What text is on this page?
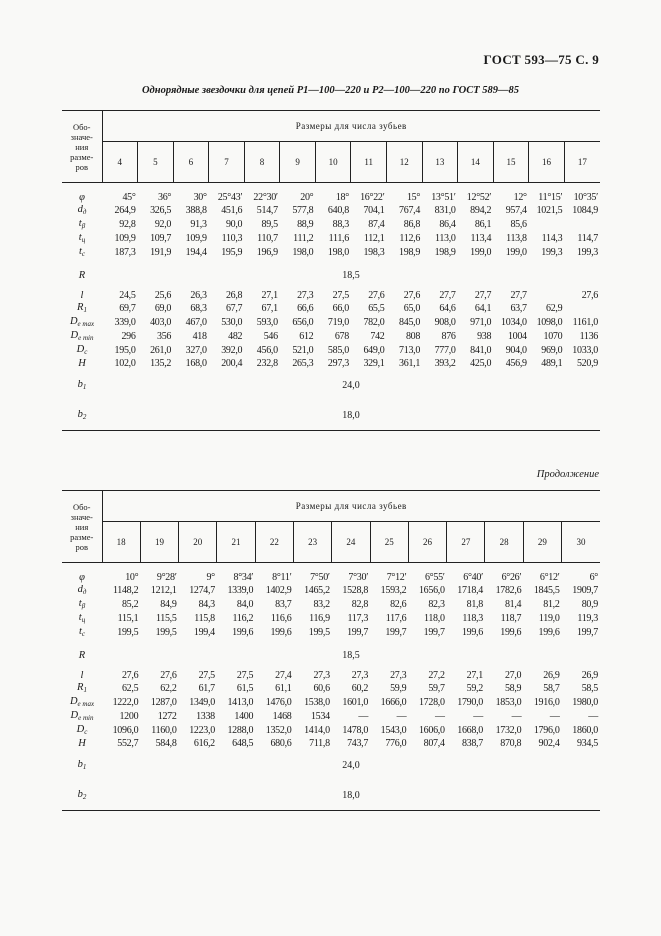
ГОСТ 593—75 С. 9
Однорядные звездочки для цепей P1—100—220 и P2—100—220 по ГОСТ 589—85
Обо-
значе-
ния
разме-
ров	Размеры для числа зубьев													
	4	5	6	7	8	9	10	11	12	13	14	15	16	17

φ	45°	36°	30°	25°43′	22°30′	20°	18°	16°22′	15°	13°51′	12°52′	12°	11°15′	10°35′
$d_д$	264,9	326,5	388,8	451,6	514,7	577,8	640,8	704,1	767,4	831,0	894,2	957,4	1021,5	1084,9
$t_\beta$	92,8	92,0	91,3	90,0	89,5	88,9	88,3	87,4	86,8	86,4	86,1	85,6		
$t_ц$	109,9	109,7	109,9	110,3	110,7	111,2	111,6	112,1	112,6	113,0	113,4	113,8	114,3	114,7
$t_с$	187,3	191,9	194,4	195,9	196,9	198,0	198,0	198,3	198,9	198,9	199,0	199,0	199,3	199,3
R	18,5													
l	24,5	25,6	26,3	26,8	27,1	27,3	27,5	27,6	27,6	27,7	27,7	27,7		27,6
$R_1$	69,7	69,0	68,3	67,7	67,1	66,6	66,0	65,5	65,0	64,6	64,1	63,7	62,9	
$D_{e max}$	339,0	403,0	467,0	530,0	593,0	656,0	719,0	782,0	845,0	908,0	971,0	1034,0	1098,0	1161,0
$D_{e min}$	296	356	418	482	546	612	678	742	808	876	938	1004	1070	1136
$D_с$	195,0	261,0	327,0	392,0	456,0	521,0	585,0	649,0	713,0	777,0	841,0	904,0	969,0	1033,0
H	102,0	135,2	168,0	200,4	232,8	265,3	297,3	329,1	361,1	393,2	425,0	456,9	489,1	520,9
$b_1$	24,0													
$b_2$	18,0													
Продолжение
Обо-
значе-
ния
разме-
ров	Размеры для числа зубьев												
	18	19	20	21	22	23	24	25	26	27	28	29	30

φ	10°	9°28′	9°	8°34′	8°11′	7°50′	7°30′	7°12′	6°55′	6°40′	6°26′	6°12′	6°
$d_д$	1148,2	1212,1	1274,7	1339,0	1402,9	1465,2	1528,8	1593,2	1656,0	1718,4	1782,6	1845,5	1909,7
$t_\beta$	85,2	84,9	84,3	84,0	83,7	83,2	82,8	82,6	82,3	81,8	81,4	81,2	80,9
$t_ц$	115,1	115,5	115,8	116,2	116,6	116,9	117,3	117,6	118,0	118,3	118,7	119,0	119,3
$t_с$	199,5	199,5	199,4	199,6	199,6	199,5	199,7	199,7	199,7	199,6	199,6	199,6	199,7
R	18,5												
l	27,6	27,6	27,5	27,5	27,4	27,3	27,3	27,3	27,2	27,1	27,0	26,9	26,9
$R_1$	62,5	62,2	61,7	61,5	61,1	60,6	60,2	59,9	59,7	59,2	58,9	58,7	58,5
$D_{e max}$	1222,0	1287,0	1349,0	1413,0	1476,0	1538,0	1601,0	1666,0	1728,0	1790,0	1853,0	1916,0	1980,0
$D_{e min}$	1200	1272	1338	1400	1468	1534	—	—	—	—	—	—	—
$D_с$	1096,0	1160,0	1223,0	1288,0	1352,0	1414,0	1478,0	1543,0	1606,0	1668,0	1732,0	1796,0	1860,0
H	552,7	584,8	616,2	648,5	680,6	711,8	743,7	776,0	807,4	838,7	870,8	902,4	934,5
$b_1$	24,0												
$b_2$	18,0												
